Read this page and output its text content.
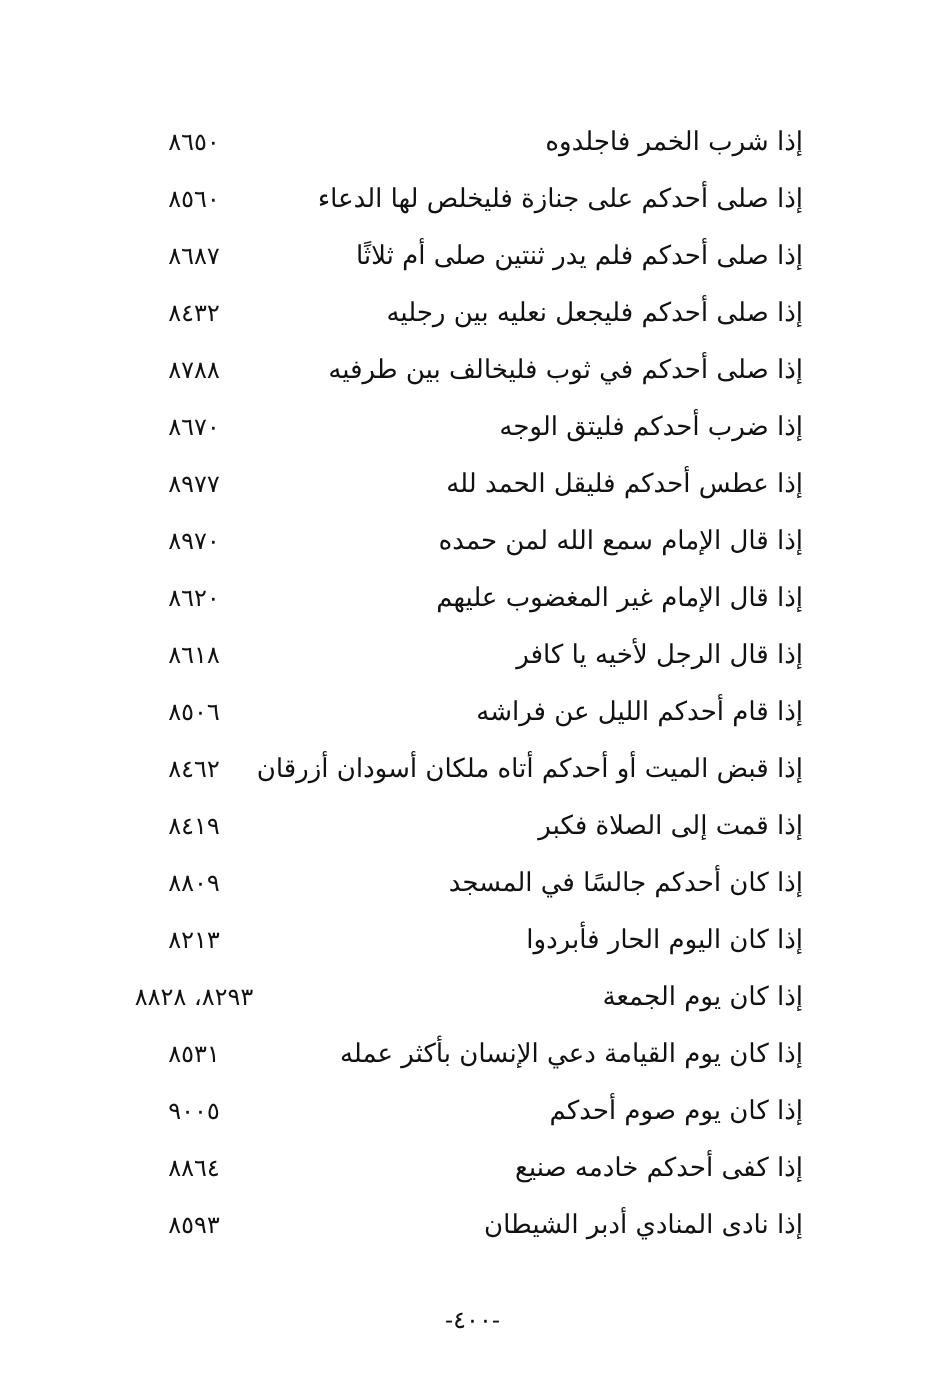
إذا شرب الخمر فاجلدوه
٨٦٥٠
إذا صلى أحدكم على جنازة فليخلص لها الدعاء
٨٥٦٠
إذا صلى أحدكم فلم يدر ثنتين صلى أم ثلاثًا
٨٦٨٧
إذا صلى أحدكم فليجعل نعليه بين رجليه
٨٤٣٢
إذا صلى أحدكم في ثوب فليخالف بين طرفيه
٨٧٨٨
إذا ضرب أحدكم فليتق الوجه
٨٦٧٠
إذا عطس أحدكم فليقل الحمد لله
٨٩٧٧
إذا قال الإمام سمع الله لمن حمده
٨٩٧٠
إذا قال الإمام غير المغضوب عليهم
٨٦٢٠
إذا قال الرجل لأخيه يا كافر
٨٦١٨
إذا قام أحدكم الليل عن فراشه
٨٥٠٦
إذا قبض الميت أو أحدكم أتاه ملكان أسودان أزرقان
٨٤٦٢
إذا قمت إلى الصلاة فكبر
٨٤١٩
إذا كان أحدكم جالسًا في المسجد
٨٨٠٩
إذا كان اليوم الحار فأبردوا
٨٢١٣
إذا كان يوم الجمعة
٨٢٩٣، ٨٨٢٨
إذا كان يوم القيامة دعي الإنسان بأكثر عمله
٨٥٣١
إذا كان يوم صوم أحدكم
٩٠٠٥
إذا كفى أحدكم خادمه صنيع
٨٨٦٤
إذا نادى المنادي أدبر الشيطان
٨٥٩٣
-٤٠٠-
